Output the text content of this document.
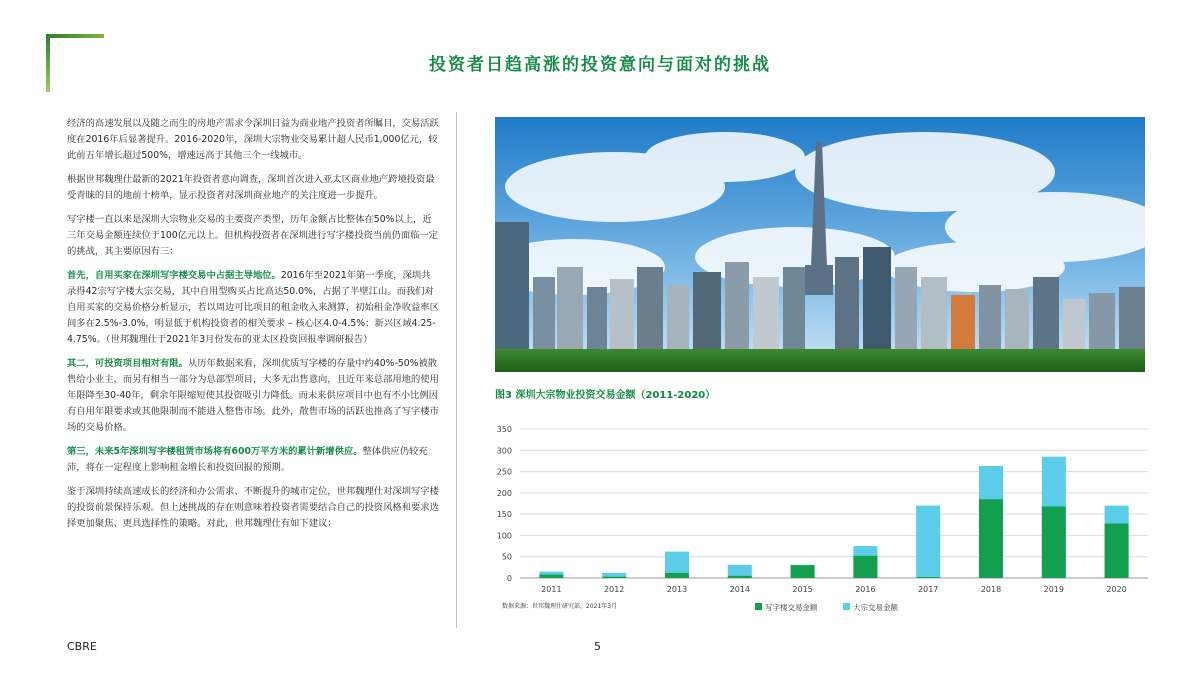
投资者日趋高涨的投资意向与面对的挑战

经济的高速发展以及随之而生的房地产需求令深圳日益为商业地产投资者所瞩目，交易活跃度在2016年后显著提升。2016-2020年，深圳大宗物业交易累计超人民币1,000亿元，较此前五年增长超过500%，增速远高于其他三个一线城市。

根据世邦魏理仕最新的2021年投资者意向调查，深圳首次进入亚太区商业地产跨境投资最受青睐的目的地前十榜单，显示投资者对深圳商业地产的关注度进一步提升。

写字楼一直以来是深圳大宗物业交易的主要资产类型，历年金额占比整体在50%以上，近三年交易金额连续位于100亿元以上。但机构投资者在深圳进行写字楼投资当前仍面临一定的挑战，其主要原因有三：

首先，自用买家在深圳写字楼交易中占据主导地位。2016年至2021年第一季度，深圳共录得42宗写字楼大宗交易，其中自用型购买占比高达50.0%，占据了半壁江山。而我们对自用买家的交易价格分析显示，若以周边可比项目的租金收入来测算，初始租金净收益率区间多在2.5%-3.0%，明显低于机构投资者的相关要求 – 核心区4.0-4.5%；新兴区域4.25-4.75%。（世邦魏理仕于2021年3月份发布的亚太区投资回报率调研报告）

其二，可投资项目相对有限。从历年数据来看，深圳优质写字楼的存量中约40%-50%被散售给小业主，而另有相当一部分为总部型项目，大多无出售意向，且近年来总部用地的使用年限降至30-40年，剩余年限缩短使其投资吸引力降低。而未来供应项目中也有不小比例因有自用年限要求或其他限制而不能进入整售市场。此外，散售市场的活跃也推高了写字楼市场的交易价格。

第三，未来5年深圳写字楼租赁市场将有600万平方米的累计新增供应。整体供应仍较充沛，将在一定程度上影响租金增长和投资回报的预期。

鉴于深圳持续高速成长的经济和办公需求、不断提升的城市定位，世邦魏理仕对深圳写字楼的投资前景保持乐观。但上述挑战的存在则意味着投资者需要结合自己的投资风格和要求选择更加聚焦、更具选择性的策略。对此，世邦魏理仕有如下建议：

图3 深圳大宗物业投资交易金额（2011-2020）
0
50
100
150
200
250
300
350
2011	2012	2013	2014	2015	2016	2017	2018	2019	2020
数据来源：世邦魏理仕研究部，2021年3月	写字楼交易金额	大宗交易金额
CBRE	5
